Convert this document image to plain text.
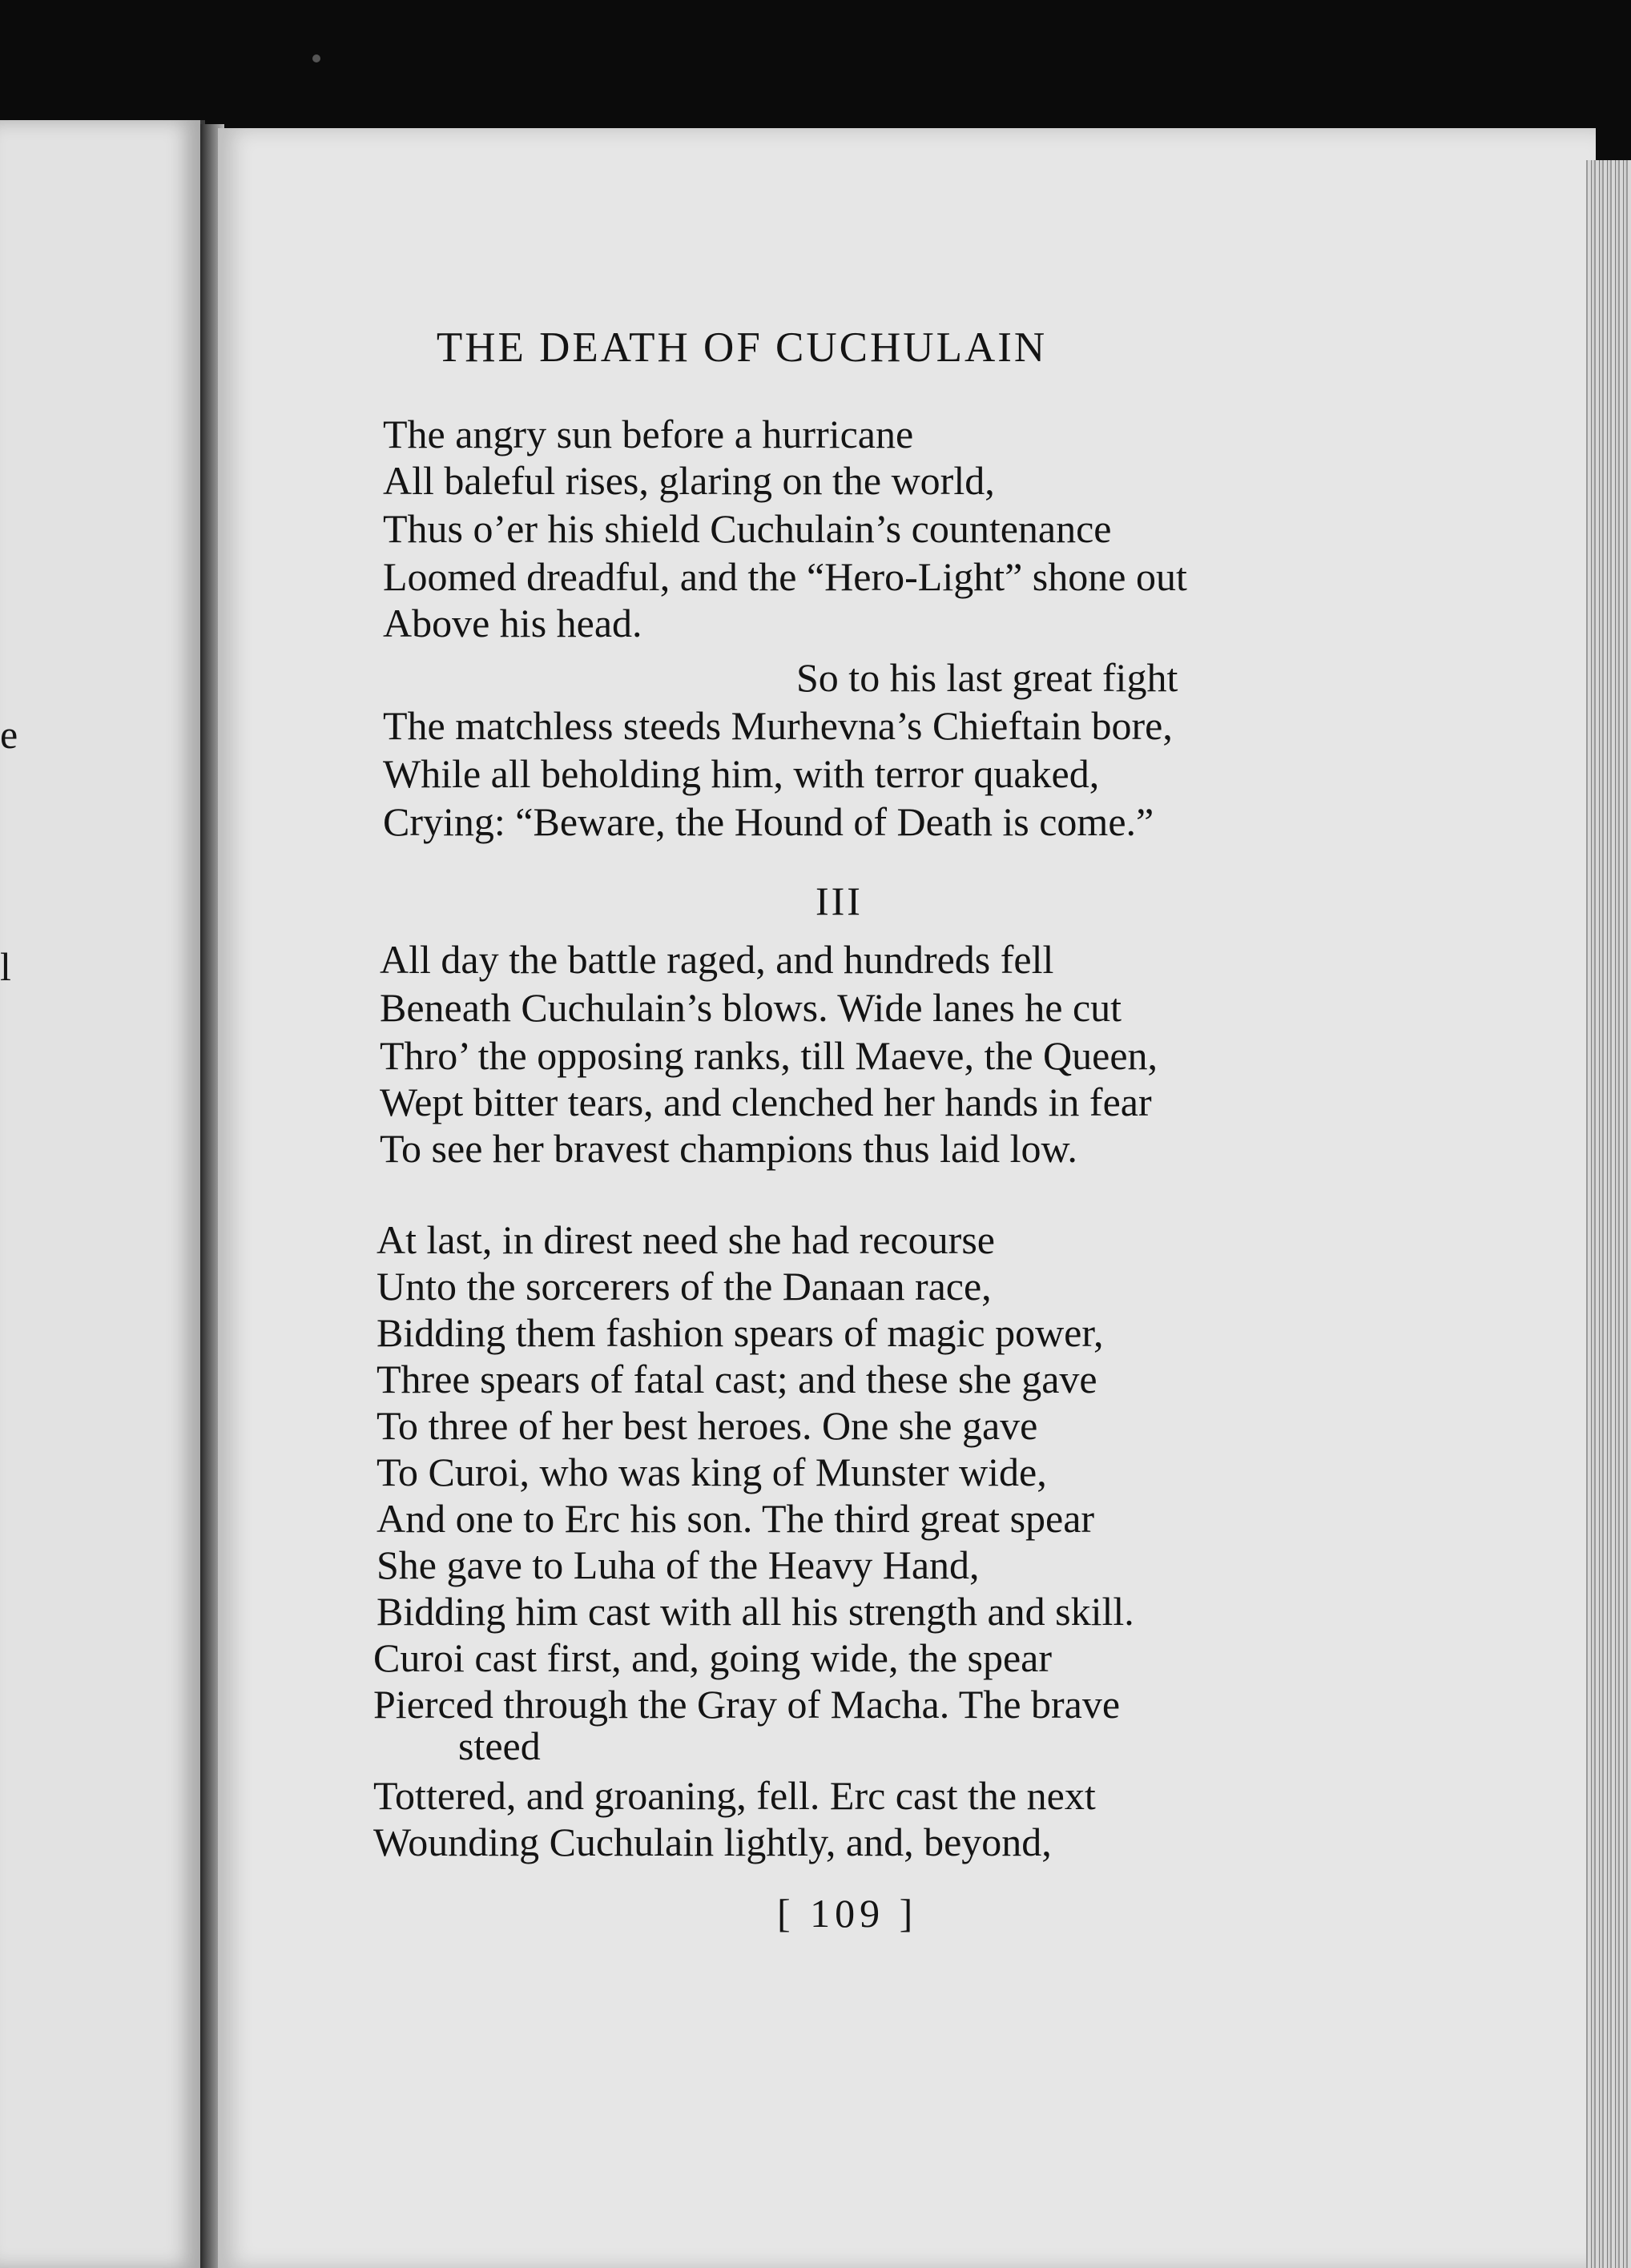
e
l
THE DEATH OF CUCHULAIN
The angry sun before a hurricane
All baleful rises, glaring on the world,
Thus o’er his shield Cuchulain’s countenance
Loomed dreadful, and the “Hero-Light” shone out
Above his head.
So to his last great fight
The matchless steeds Murhevna’s Chieftain bore,
While all beholding him, with terror quaked,
Crying: “Beware, the Hound of Death is come.”
III
All day the battle raged, and hundreds fell
Beneath Cuchulain’s blows. Wide lanes he cut
Thro’ the opposing ranks, till Maeve, the Queen,
Wept bitter tears, and clenched her hands in fear
To see her bravest champions thus laid low.
At last, in direst need she had recourse
Unto the sorcerers of the Danaan race,
Bidding them fashion spears of magic power,
Three spears of fatal cast; and these she gave
To three of her best heroes. One she gave
To Curoi, who was king of Munster wide,
And one to Erc his son. The third great spear
She gave to Luha of the Heavy Hand,
Bidding him cast with all his strength and skill.
Curoi cast first, and, going wide, the spear
Pierced through the Gray of Macha. The brave
steed
Tottered, and groaning, fell. Erc cast the next
Wounding Cuchulain lightly, and, beyond,
[ 109 ]
